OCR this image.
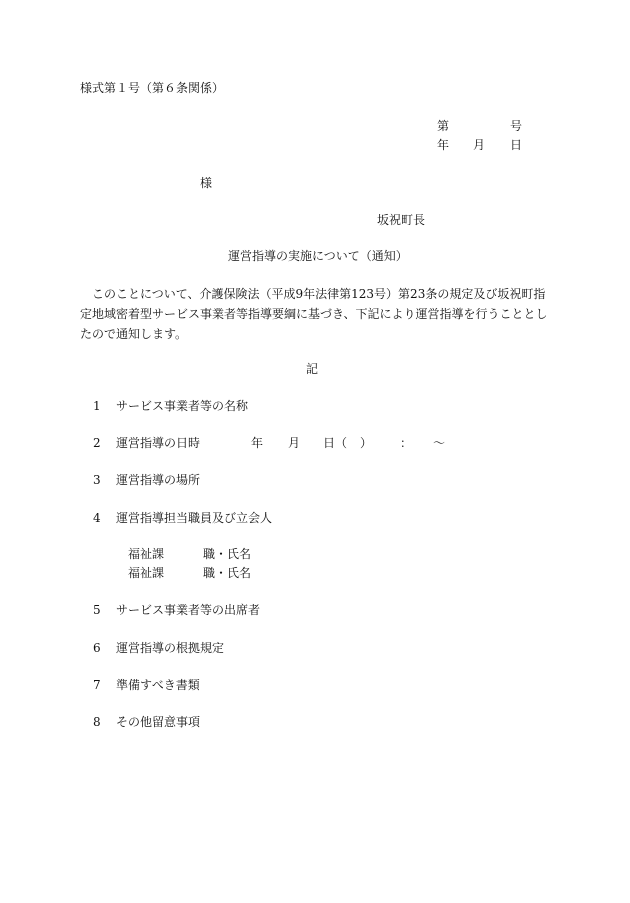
様式第１号（第６条関係）
第	号
年 月 日
様
坂祝町長
運営指導の実施について（通知）
このことについて、介護保険法（平成9年法律第123号）第23条の規定及び坂祝町指定地域密着型サービス事業者等指導要綱に基づき、下記により運営指導を行うこととしたので通知します。
記
1 サービス事業者等の名称
2 運営指導の日時	年 月 日 （ ） ： ～
3 運営指導の場所
4 運営指導担当職員及び立会人
福祉課	職・氏名
福祉課	職・氏名
5 サービス事業者等の出席者
6 運営指導の根拠規定
7 準備すべき書類
8 その他留意事項
